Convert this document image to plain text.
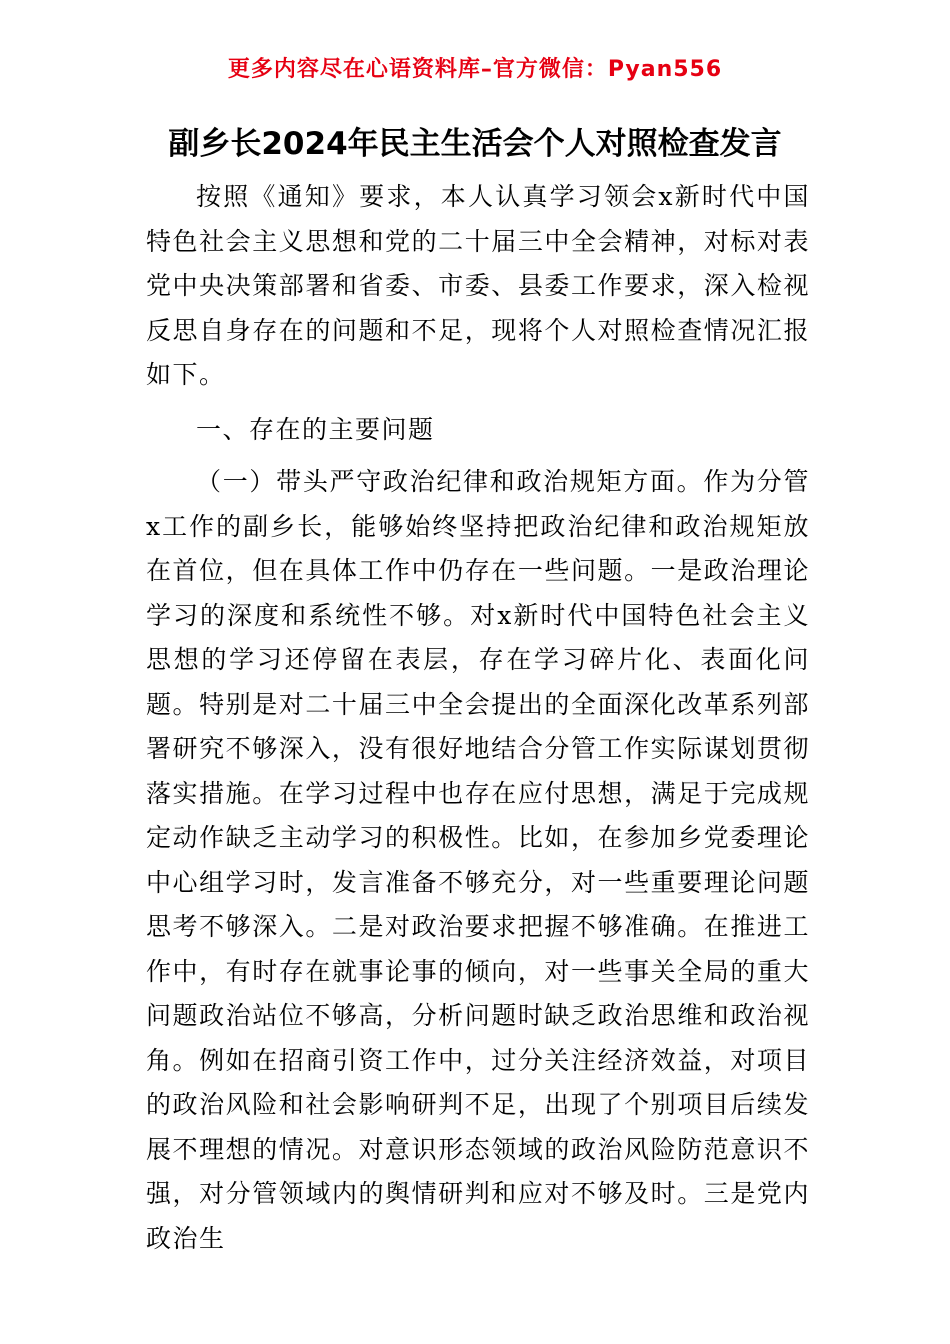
更多内容尽在心语资料库–官方微信：Pyan556
副乡长2024年民主生活会个人对照检查发言

按照《通知》要求，本人认真学习领会x新时代中国特色社会主义思想和党的二十届三中全会精神，对标对表党中央决策部署和省委、市委、县委工作要求，深入检视反思自身存在的问题和不足，现将个人对照检查情况汇报如下。

一、存在的主要问题

（一）带头严守政治纪律和政治规矩方面。作为分管x工作的副乡长，能够始终坚持把政治纪律和政治规矩放在首位，但在具体工作中仍存在一些问题。一是政治理论学习的深度和系统性不够。对x新时代中国特色社会主义思想的学习还停留在表层，存在学习碎片化、表面化问题。特别是对二十届三中全会提出的全面深化改革系列部署研究不够深入，没有很好地结合分管工作实际谋划贯彻落实措施。在学习过程中也存在应付思想，满足于完成规定动作缺乏主动学习的积极性。比如，在参加乡党委理论中心组学习时，发言准备不够充分，对一些重要理论问题思考不够深入。二是对政治要求把握不够准确。在推进工作中，有时存在就事论事的倾向，对一些事关全局的重大问题政治站位不够高，分析问题时缺乏政治思维和政治视角。例如在招商引资工作中，过分关注经济效益，对项目的政治风险和社会影响研判不足，出现了个别项目后续发展不理想的情况。对意识形态领域的政治风险防范意识不强，对分管领域内的舆情研判和应对不够及时。三是党内政治生
